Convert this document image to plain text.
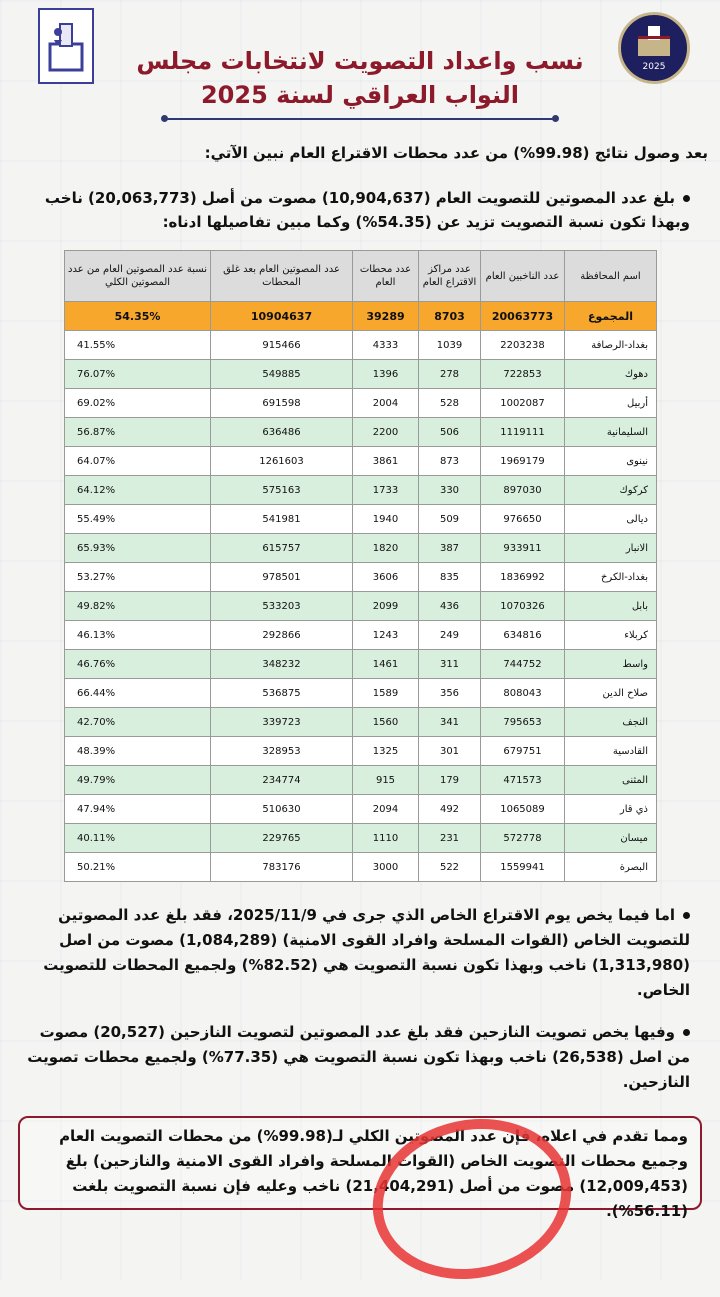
نسب واعداد التصويت لانتخابات مجلس
النواب العراقي لسنة 2025
2025
بعد وصول نتائج (99.98%) من عدد محطات الاقتراع العام نبين الآتي:
بلغ عدد المصوتين للتصويت العام (10,904,637) مصوت من أصل (20,063,773) ناخب وبهذا تكون نسبة التصويت تزيد عن (54.35%) وكما مبين تفاصيلها ادناه:
اسم المحافظة	عدد الناخبين العام	عدد مراكز الاقتراع العام	عدد محطات العام	عدد المصوتين العام بعد غلق المحطات	نسبة عدد المصوتين العام من عدد المصوتين الكلي
المجموع	20063773	8703	39289	10904637	54.35%
بغداد-الرصافة	2203238	1039	4333	915466	41.55%
دهوك	722853	278	1396	549885	76.07%
أربيل	1002087	528	2004	691598	69.02%
السليمانية	1119111	506	2200	636486	56.87%
نينوى	1969179	873	3861	1261603	64.07%
كركوك	897030	330	1733	575163	64.12%
ديالى	976650	509	1940	541981	55.49%
الانبار	933911	387	1820	615757	65.93%
بغداد-الكرخ	1836992	835	3606	978501	53.27%
بابل	1070326	436	2099	533203	49.82%
كربلاء	634816	249	1243	292866	46.13%
واسط	744752	311	1461	348232	46.76%
صلاح الدين	808043	356	1589	536875	66.44%
النجف	795653	341	1560	339723	42.70%
القادسية	679751	301	1325	328953	48.39%
المثنى	471573	179	915	234774	49.79%
ذي قار	1065089	492	2094	510630	47.94%
ميسان	572778	231	1110	229765	40.11%
البصرة	1559941	522	3000	783176	50.21%
اما فيما يخص يوم الاقتراع الخاص الذي جرى في 2025/11/9، فقد بلغ عدد المصوتين للتصويت الخاص (القوات المسلحة وافراد القوى الامنية) (1,084,289) مصوت من اصل (1,313,980) ناخب وبهذا تكون نسبة التصويت هي (82.52%) ولجميع المحطات للتصويت الخاص.
وفيها يخص تصويت النازحين فقد بلغ عدد المصوتين لتصويت النازحين (20,527) مصوت من اصل (26,538) ناخب وبهذا تكون نسبة التصويت هي (77.35%) ولجميع محطات تصويت النازحين.
ومما تقدم في اعلاه، فإن عدد المصوتين الكلي لـ(99.98%) من محطات التصويت العام وجميع محطات التصويت الخاص (القوات المسلحة وافراد القوى الامنية والنازحين) بلغ (12,009,453) مصوت من أصل (21,404,291) ناخب وعليه فإن نسبة التصويت بلغت (56.11%).
